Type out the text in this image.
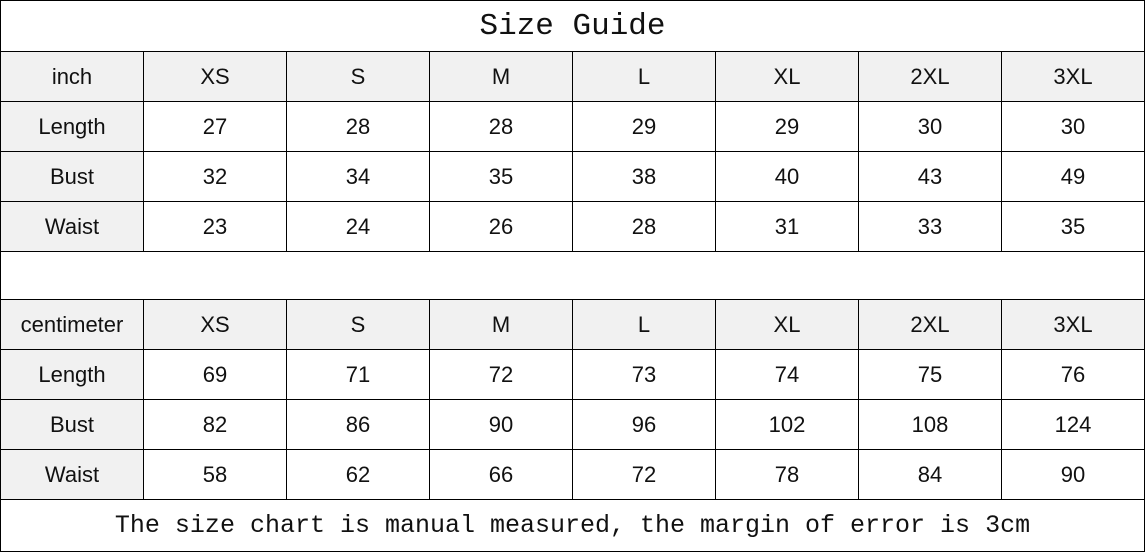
Size Guide							
inch	XS	S	M	L	XL	2XL	3XL
Length	27	28	28	29	29	30	30
Bust	32	34	35	38	40	43	49
Waist	23	24	26	28	31	33	35

centimeter	XS	S	M	L	XL	2XL	3XL
Length	69	71	72	73	74	75	76
Bust	82	86	90	96	102	108	124
Waist	58	62	66	72	78	84	90
The size chart is manual measured, the margin of error is 3cm							
